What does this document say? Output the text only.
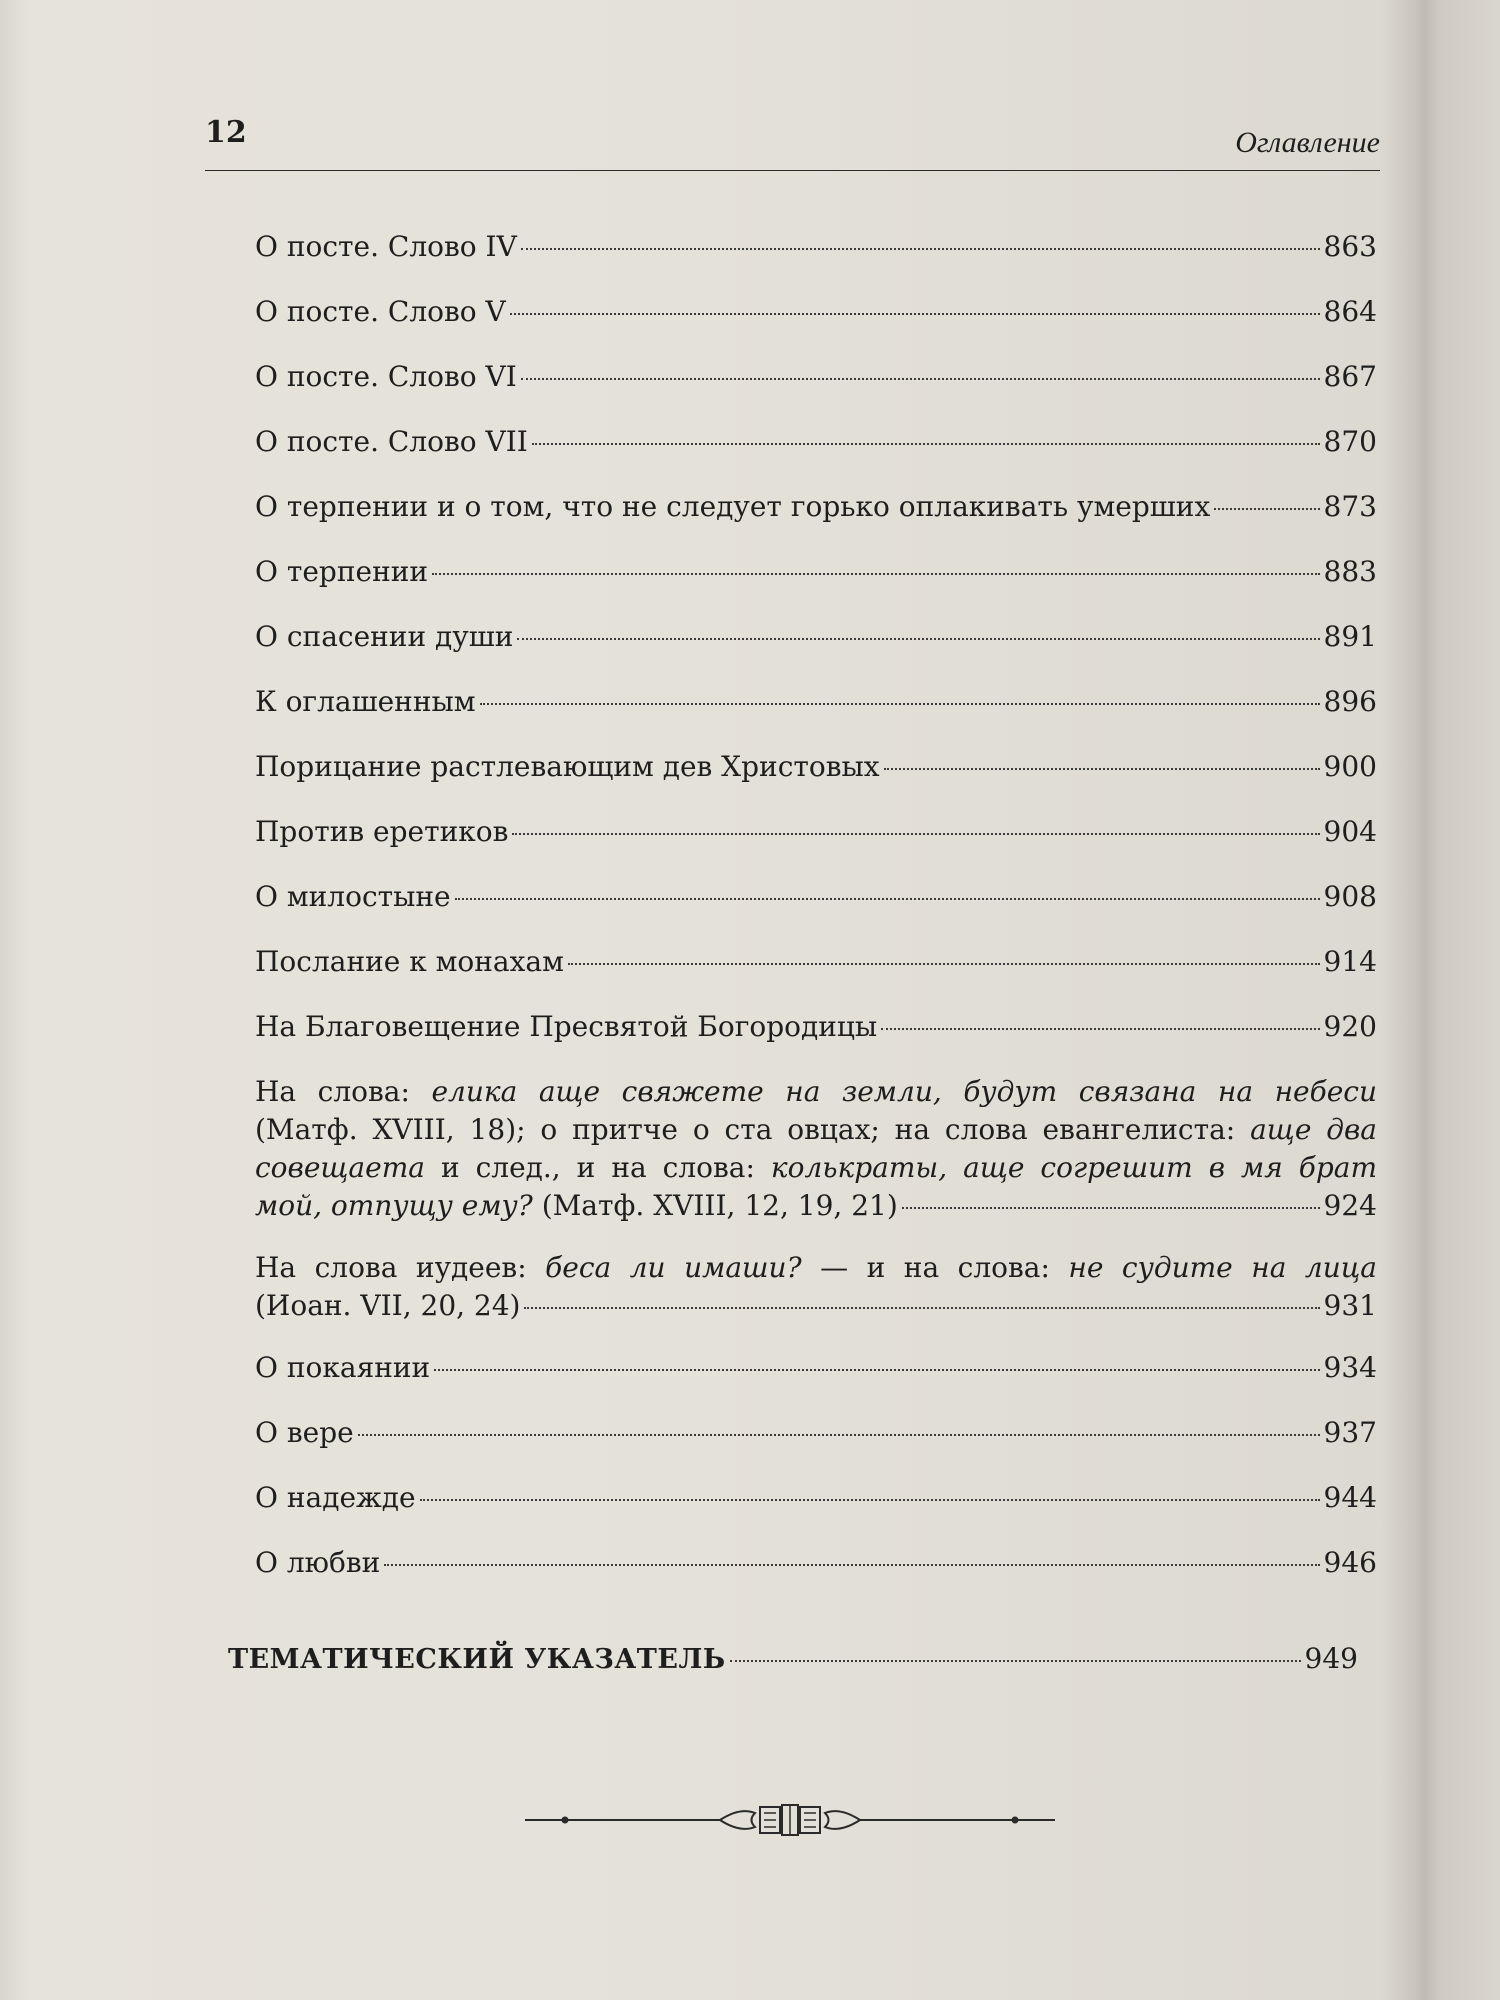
12	Оглавление
О посте. Слово IV	863
О посте. Слово V	864
О посте. Слово VI	867
О посте. Слово VII	870
О терпении и о том, что не следует горько оплакивать умерших	873
О терпении	883
О спасении души	891
К оглашенным	896
Порицание растлевающим дев Христовых	900
Против еретиков	904
О милостыне	908
Послание к монахам	914
На Благовещение Пресвятой Богородицы	920
На слова: елика аще свяжете на земли, будут связана на небеси
(Матф. XVIII, 18); о притче о ста овцах; на слова евангелиста: аще два
совещаета и след., и на слова: колькраты, аще согрешит в мя брат
мой, отпущу ему? (Матф. XVIII, 12, 19, 21)	924
На слова иудеев: беса ли имаши? — и на слова: не судите на лица
(Иоан. VII, 20, 24)	931
О покаянии	934
О вере	937
О надежде	944
О любви	946
ТЕМАТИЧЕСКИЙ УКАЗАТЕЛЬ	949
